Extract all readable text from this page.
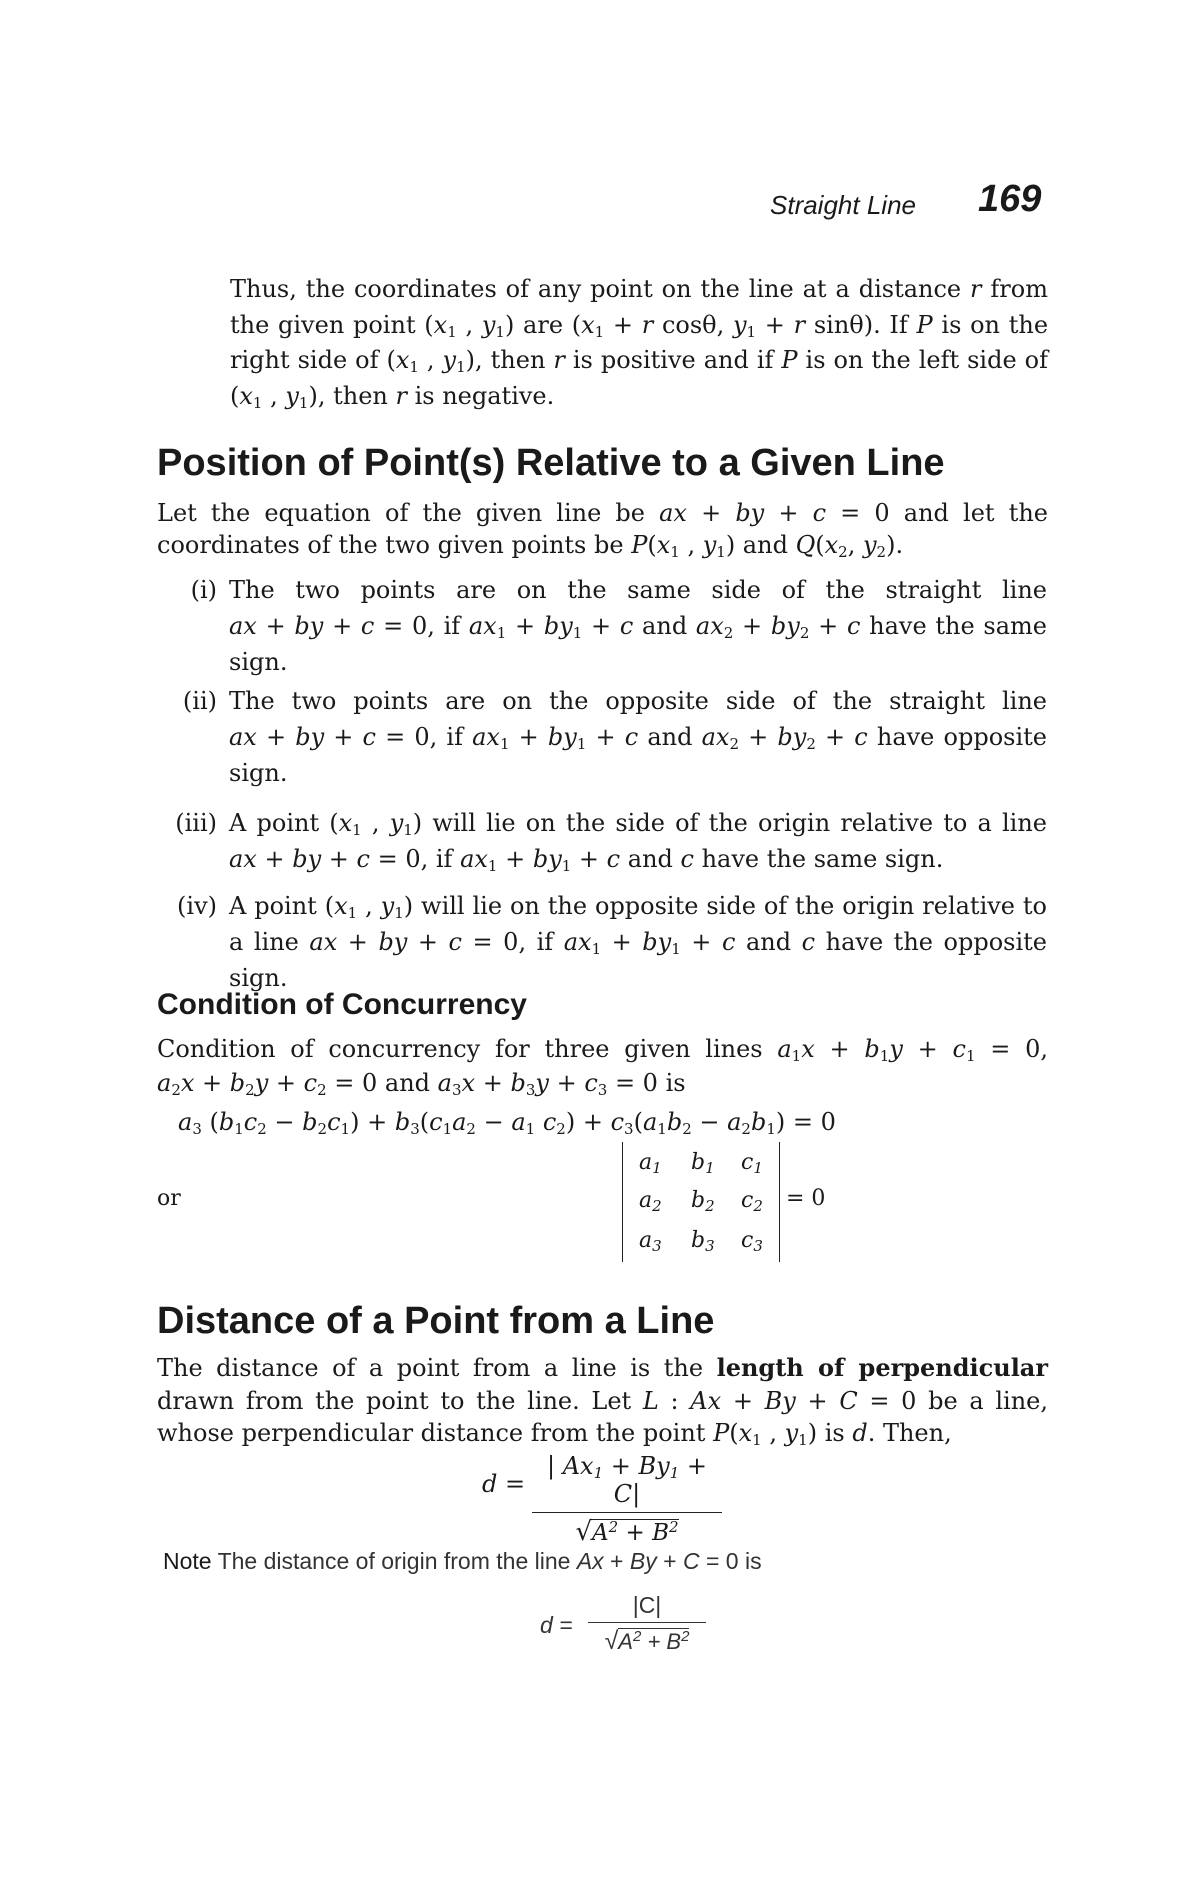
Straight Line 169

Thus, the coordinates of any point on the line at a distance r from

the given point ($x_1$ , $y_1$) are ($x_1 + r$ cosθ, $y_1 + r$ sinθ). If P is on the

right side of ($x_1$ , $y_1$), then r is positive and if P is on the left side of

($x_1$ , $y_1$), then r is negative.

Position of Point(s) Relative to a Given Line

Let the equation of the given line be ax + by + c = 0 and let the

coordinates of the two given points be $P(x_1$ , $y_1$) and $Q(x_2$, $y_2$).

(i) The two points are on the same side of the straight line
ax + by + c = 0, if $ax_1 + by_1 + c$ and $ax_2 + by_2 + c$ have the same
sign.
(ii) The two points are on the opposite side of the straight line
ax + by + c = 0, if $ax_1 + by_1 + c$ and $ax_2 + by_2 + c$ have opposite
sign.
(iii) A point ($x_1$ , $y_1$) will lie on the side of the origin relative to a line
ax + by + c = 0, if $ax_1 + by_1 + c$ and c have the same sign.
(iv) A point ($x_1$ , $y_1$) will lie on the opposite side of the origin relative to
a line ax + by + c = 0, if $ax_1 + by_1 + c$ and c have the opposite sign.
Condition of Concurrency

Condition of concurrency for three given lines $a_1x + b_1y + c_1 = 0$,

$a_2x + b_2y + c_2 = 0$ and $a_3x + b_3y + c_3 = 0$ is

$a_3$ $(b_1c_2 - b_2c_1) + b_3(c_1a_2 - a_1$ $c_2) + c_3(a_1b_2 - a_2b_1) = 0$
or
$a_1$ $b_1$ $c_1$
$a_2$ $b_2$ $c_2$
$a_3$ $b_3$ $c_3$
= 0
Distance of a Point from a Line

The distance of a point from a line is the length of perpendicular

drawn from the point to the line. Let L : Ax + By + C = 0 be a line,

whose perpendicular distance from the point $P(x_1$ , $y_1$) is d. Then,

$d = \frac{| Ax_1 + By_1 + C|}{√A^2 + B^2}$
Note The distance of origin from the line Ax + By + C = 0 is
$d = \frac{|C|}{√A^2 + B^2}$
